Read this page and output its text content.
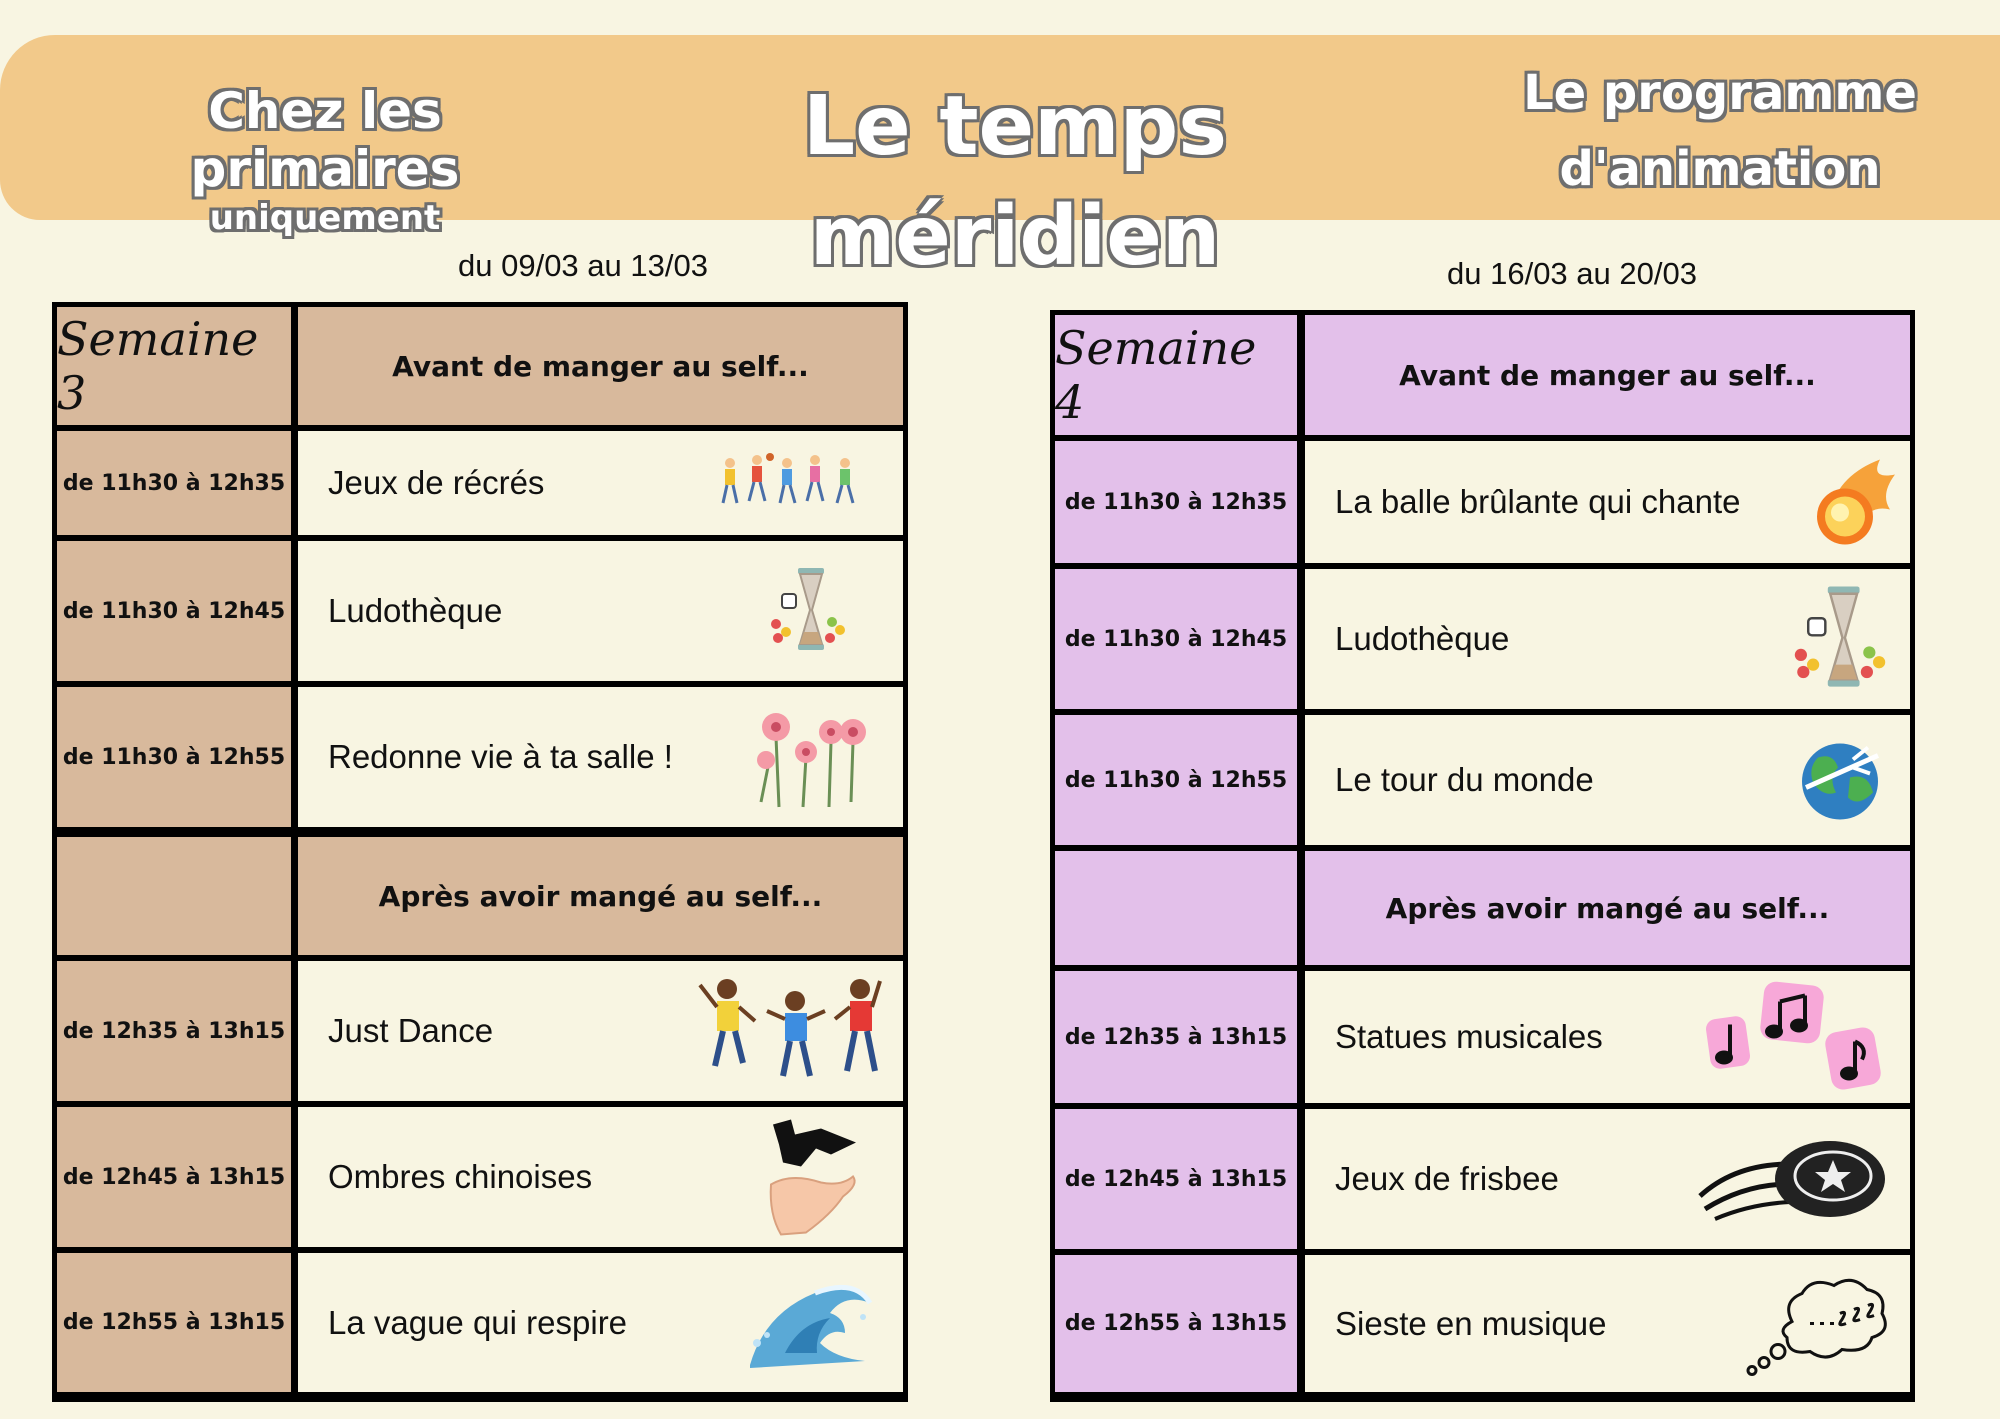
Chez les primaires
uniquement
Le temps méridien
Le programme
d'animation
du 09/03 au 13/03
Semaine 3	Avant de manger au self...
de 11h30 à 12h35 Jeux de récrés
de 11h30 à 12h45 Ludothèque
de 11h30 à 12h55 Redonne vie à ta salle !
Après avoir mangé au self...
de 12h35 à 13h15 Just Dance
de 12h45 à 13h15 Ombres chinoises
de 12h55 à 13h15 La vague qui respire
du 16/03 au 20/03
Semaine 4	Avant de manger au self...
de 11h30 à 12h35 La balle brûlante qui chante
de 11h30 à 12h45 Ludothèque
de 11h30 à 12h55 Le tour du monde
Après avoir mangé au self...
de 12h35 à 13h15 Statues musicales
de 12h45 à 13h15 Jeux de frisbee
de 12h55 à 13h15 Sieste en musique
